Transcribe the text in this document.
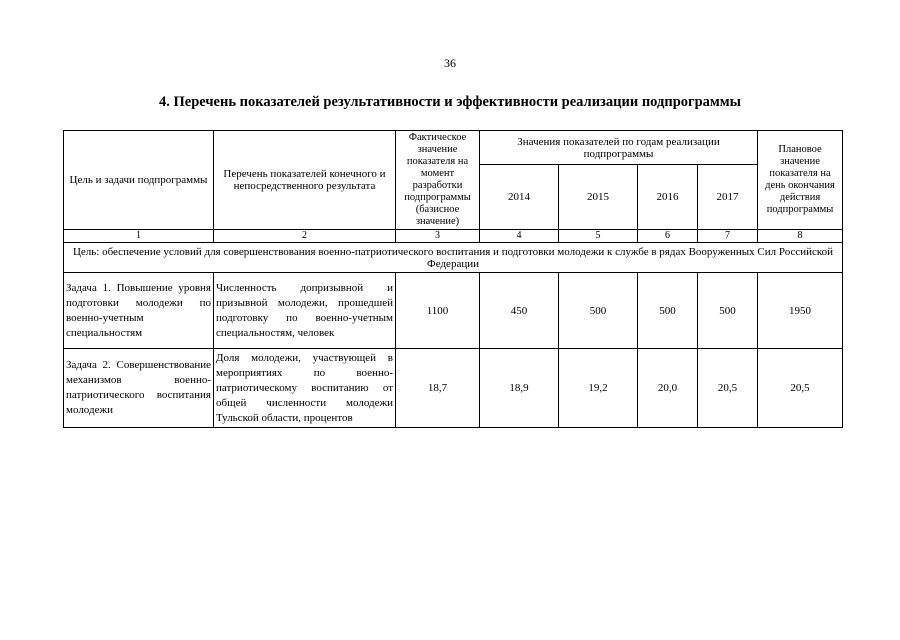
36
4. Перечень показателей результативности и эффективности реализации подпрограммы
Цель и задачи подпрограммы	Перечень показателей конечного и непосредственного результата	Фактическое значение показателя на момент разработки подпрограммы (базисное значение)	Значения показателей по годам реализации подпрограммы				Плановое значение показателя на день окончания действия подпрограммы
			2014	2015	2016	2017	
1	2	3	4	5	6	7	8
Цель: обеспечение условий для совершенствования военно-патриотического воспитания и подготовки молодежи к службе в рядах Вооруженных Сил Российской Федерации							
Задача 1. Повышение уровня подготовки молодежи по военно-учетным специальностям	Численность допризывной и призывной молодежи, прошедшей подготовку по военно-учетным специальностям, человек	1100	450	500	500	500	1950
Задача 2. Совершенствование механизмов военно-патриотического воспитания молодежи	Доля молодежи, участвующей в мероприятиях по военно-патриотическому воспитанию от общей численности молодежи Тульской области, процентов	18,7	18,9	19,2	20,0	20,5	20,5
